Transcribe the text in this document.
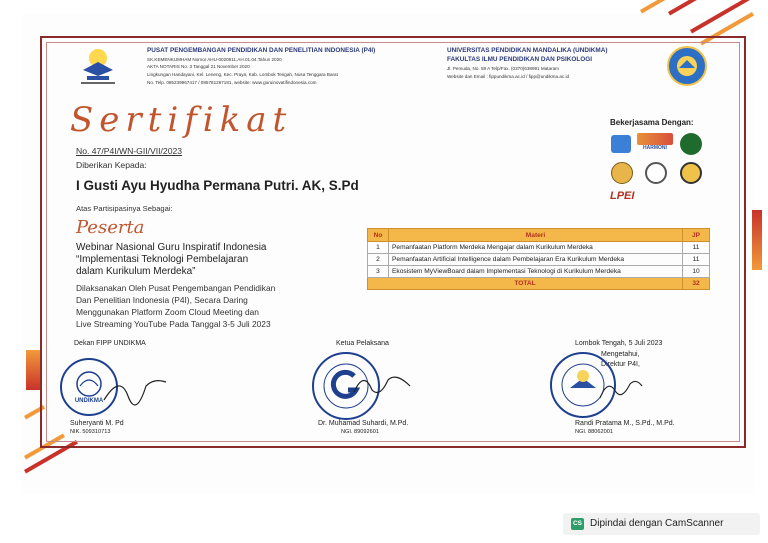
PUSAT PENGEMBANGAN PENDIDIKAN DAN PENELITIAN INDONESIA (P4I)
SK.KEMENKUMHAM Nomor AHU-0020911.AH.01.04.Tahun 2020
AKTA NOTARIS No. 3 Tanggal 21 November 2020
Lingkungan Handayani, Kel. Leneng, Kec. Praya, Kab. Lombok Tengah, Nusa Tenggara Barat
No. Telp. 085239967417 / 085781267181, website: www.guruinovatifindonesia.com
UNIVERSITAS PENDIDIKAN MANDALIKA (UNDIKMA)
FAKULTAS ILMU PENDIDIKAN DAN PSIKOLOGI
Jl. Pemuda, No. 59 A Telp/Fax. (0370)638991 Mataram
Website dan Email : fippundikma.ac.id / fipp@undikma.ac.id
Sertifikat
No. 47/P4I/WN-GII/VII/2023
Diberikan Kepada:
I Gusti Ayu Hyudha Permana Putri. AK, S.Pd
Atas Partisipasinya Sebagai:
Peserta
Webinar Nasional Guru Inspiratif Indonesia
“Implementasi Teknologi Pembelajaran
dalam Kurikulum Merdeka”
Dilaksanakan Oleh Pusat Pengembangan Pendidikan
Dan Penelitian Indonesia (P4I), Secara Daring
Menggunakan Platform Zoom Cloud Meeting dan
Live Streaming YouTube Pada Tanggal 3-5 Juli 2023
Bekerjasama Dengan:
HARMONI
LPEI
No	Materi	JP
1	Pemanfaatan Platform Merdeka Mengajar dalam Kurikulum Merdeka	11
2	Pemanfaatan Artificial Intelligence dalam Pembelajaran Era Kurikulum Merdeka	11
3	Ekosistem MyViewBoard dalam Implementasi Teknologi di Kurikulum Merdeka	10
TOTAL		32
Dekan FIPP UNDIKMA
UNDIKMA
Suheryanti M. Pd
NIK. 509310713
Ketua Pelaksana
Dr. Muhamad Suhardi, M.Pd.
NGI. 89092601
Lombok Tengah, 5 Juli 2023
Mengetahui,
Direktur P4I,
Randi Pratama M., S.Pd., M.Pd.
NGI. 88062001
CS Dipindai dengan CamScanner
